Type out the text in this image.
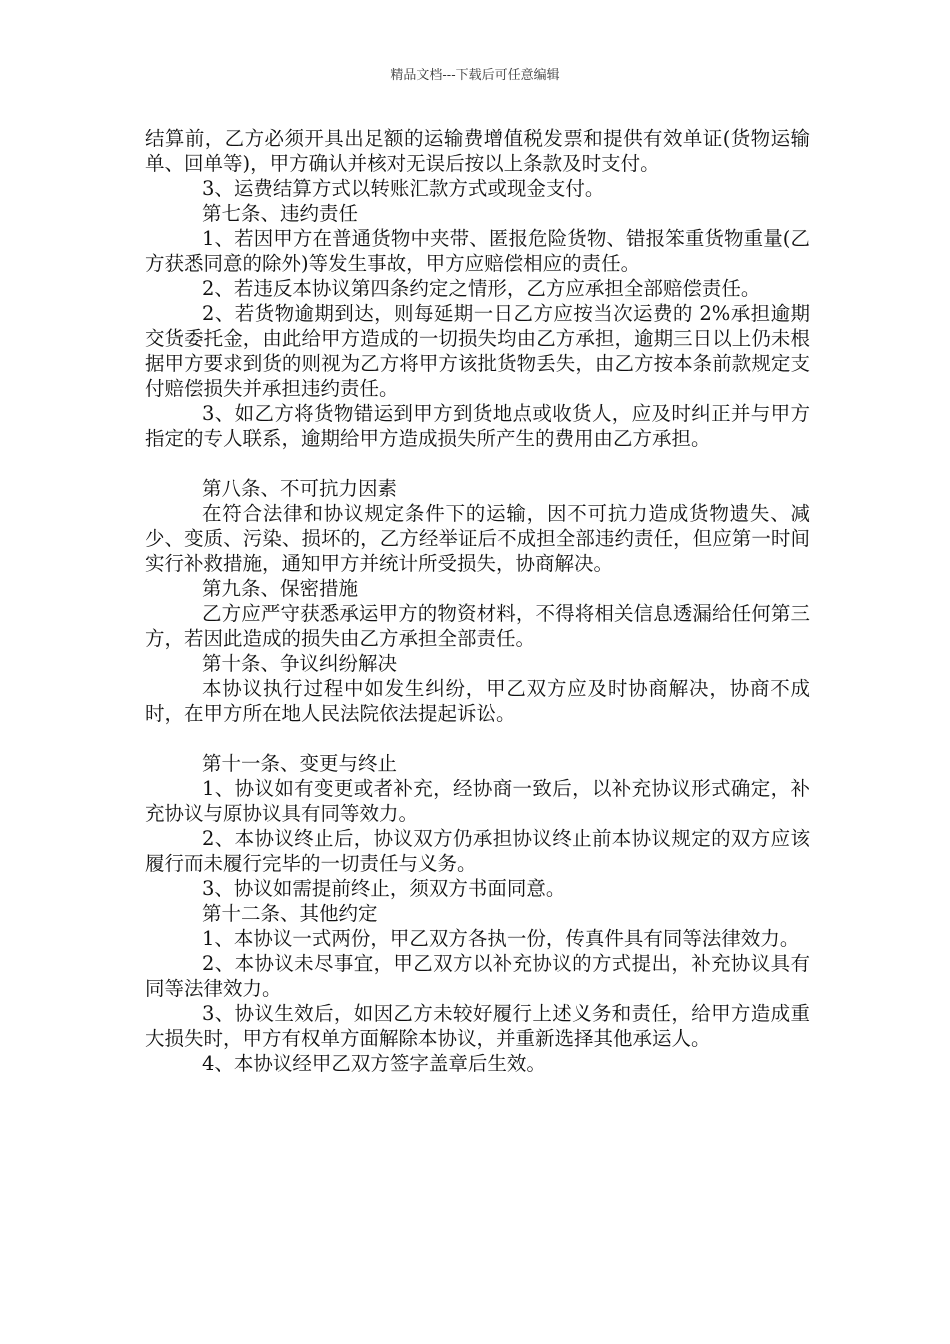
精品文档---下载后可任意编辑

结算前，乙方必须开具出足额的运输费增值税发票和提供有效单证(货物运输单、回单等)，甲方确认并核对无误后按以上条款及时支付。

3、运费结算方式以转账汇款方式或现金支付。

第七条、违约责任

1、若因甲方在普通货物中夹带、匿报危险货物、错报笨重货物重量(乙方获悉同意的除外)等发生事故，甲方应赔偿相应的责任。

2、若违反本协议第四条约定之情形，乙方应承担全部赔偿责任。

2、若货物逾期到达，则每延期一日乙方应按当次运费的 2%承担逾期交货委托金，由此给甲方造成的一切损失均由乙方承担，逾期三日以上仍未根据甲方要求到货的则视为乙方将甲方该批货物丢失，由乙方按本条前款规定支付赔偿损失并承担违约责任。

3、如乙方将货物错运到甲方到货地点或收货人，应及时纠正并与甲方指定的专人联系，逾期给甲方造成损失所产生的费用由乙方承担。

第八条、不可抗力因素

在符合法律和协议规定条件下的运输，因不可抗力造成货物遗失、减少、变质、污染、损坏的，乙方经举证后不成担全部违约责任，但应第一时间实行补救措施，通知甲方并统计所受损失，协商解决。

第九条、保密措施

乙方应严守获悉承运甲方的物资材料，不得将相关信息透漏给任何第三方，若因此造成的损失由乙方承担全部责任。

第十条、争议纠纷解决

本协议执行过程中如发生纠纷，甲乙双方应及时协商解决，协商不成时，在甲方所在地人民法院依法提起诉讼。

第十一条、变更与终止

1、协议如有变更或者补充，经协商一致后，以补充协议形式确定，补充协议与原协议具有同等效力。

2、本协议终止后，协议双方仍承担协议终止前本协议规定的双方应该履行而未履行完毕的一切责任与义务。

3、协议如需提前终止，须双方书面同意。

第十二条、其他约定

1、本协议一式两份，甲乙双方各执一份，传真件具有同等法律效力。

2、本协议未尽事宜，甲乙双方以补充协议的方式提出，补充协议具有同等法律效力。

3、协议生效后，如因乙方未较好履行上述义务和责任，给甲方造成重大损失时，甲方有权单方面解除本协议，并重新选择其他承运人。

4、本协议经甲乙双方签字盖章后生效。
